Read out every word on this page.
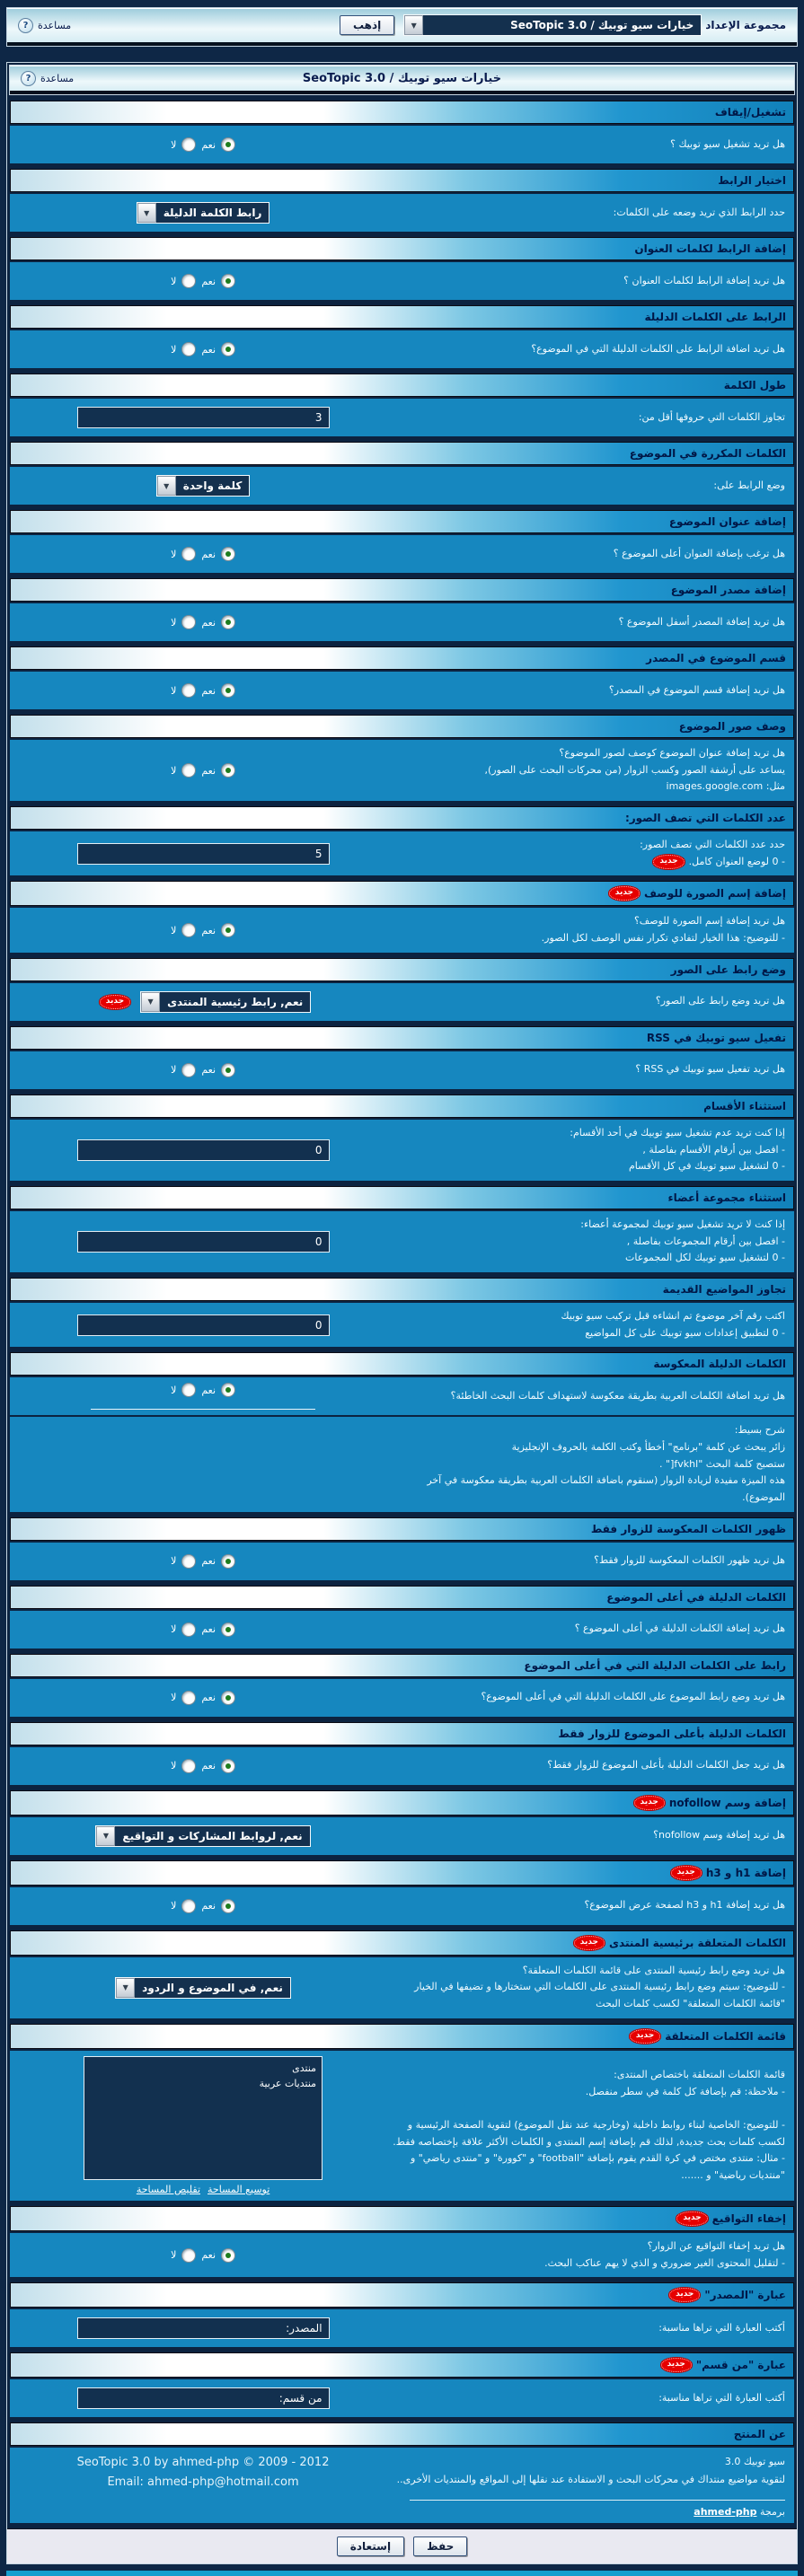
مجموعة الإعداد
خيارات سيو توبيك / SeoTopic 3.0
▼
إذهب
مساعدة
?
خيارات سيو توبيك / SeoTopic 3.0
مساعدة
?
تشغيل/إيقاف
هل تريد تشغيل سيو توبيك ؟
نعم
لا
اختيار الرابط
حدد الرابط الذي تريد وضعه على الكلمات:
رابط الكلمة الدليلة
▼
إضافة الرابط لكلمات العنوان
هل تريد إضافة الرابط لكلمات العنوان ؟
نعم
لا
الرابط على الكلمات الدليلة
هل تريد اضافة الرابط على الكلمات الدليلة التي في الموضوع؟
نعم
لا
طول الكلمة
تجاوز الكلمات التي حروفها أقل من:
3
الكلمات المكررة في الموضوع
وضع الرابط على:
كلمة واحدة
▼
إضافة عنوان الموضوع
هل ترغب بإضافة العنوان أعلى الموضوع ؟
نعم
لا
إضافة مصدر الموضوع
هل تريد إضافة المصدر أسفل الموضوع ؟
نعم
لا
قسم الموضوع في المصدر
هل تريد إضافة قسم الموضوع في المصدر؟
نعم
لا
وصف صور الموضوع
هل تريد إضافة عنوان الموضوع كوصف لصور الموضوع؟
يساعد على أرشفة الصور وكسب الزوار (من محركات البحث على الصور),
مثل: images.google.com
نعم
لا
عدد الكلمات التي تصف الصور:
حدد عدد الكلمات التي تصف الصور:
- 0 لوضع العنوان كامل.جديد
5
إضافة إسم الصورة للوصف
جديد
هل تريد إضافة إسم الصورة للوصف؟
- للتوضيح: هذا الخيار لتفادي تكرار نفس الوصف لكل الصور.
نعم
لا
وضع رابط على الصور
هل تريد وضع رابط على الصور؟
نعم, رابط رئيسية المنتدى
▼
جديد
تفعيل سيو توبيك في RSS
هل تريد تفعيل سيو توبيك في RSS ؟
نعم
لا
استثناء الأقسام
إذا كنت تريد عدم تشغيل سيو توبيك في أحد الأقسام:
- افصل بين أرقام الأقسام بفاصلة ,
- 0 لتشغيل سيو توبيك في كل الأقسام
0
استثناء مجموعة أعضاء
إذا كنت لا تريد تشغيل سيو توبيك لمجموعة أعضاء:
- افصل بين أرقام المجموعات بفاصلة ,
- 0 لتشغيل سيو توبيك لكل المجموعات
0
تجاوز المواضيع القديمة
اكتب رقم آخر موضوع تم انشاءه قبل تركيب سيو توبيك
- 0 لتطبيق إعدادات سيو توبيك على كل المواضيع
0
الكلمات الدليلة المعكوسة
هل تريد اضافة الكلمات العربية بطريقة معكوسة لاستهداف كلمات البحث الخاطئة؟
نعم
لا
شرح بسيط:
زائر يبحث عن كلمة "برنامج" أخطأ وكتب الكلمة بالحروف الإنجليزية
ستصبح كلمة البحث "fvkhl[" .
هذه الميزة مفيدة لزيادة الزوار (سنقوم باضافة الكلمات العربية بطريقة معكوسة في آخر الموضوع).
ظهور الكلمات المعكوسة للزوار فقط
هل تريد ظهور الكلمات المعكوسة للزوار فقط؟
نعم
لا
الكلمات الدليلة في أعلى الموضوع
هل تريد إضافة الكلمات الدليلة في أعلى الموضوع ؟
نعم
لا
رابط على الكلمات الدليلة التي في أعلى الموضوع
هل تريد وضع رابط الموضوع على الكلمات الدليلة التي في أعلى الموضوع؟
نعم
لا
الكلمات الدليلة بأعلى الموضوع للزوار فقط
هل تريد جعل الكلمات الدليلة بأعلى الموضوع للزوار فقط؟
نعم
لا
إضافة وسم nofollow
جديد
هل تريد إضافة وسم nofollow؟
نعم, لروابط المشاركات و التواقيع
▼
إضافة h1 و h3
جديد
هل تريد إضافة h1 و h3 لصفحة عرض الموضوع؟
نعم
لا
الكلمات المتعلقة برئيسية المنتدى
جديد
هل تريد وضع رابط رئيسية المنتدى على قائمة الكلمات المتعلقة؟
- للتوضيح: سيتم وضع رابط رئيسية المنتدى على الكلمات التي ستختارها و تضيفها في الخيار "قائمة الكلمات المتعلقة" لكسب كلمات البحث
نعم, في الموضوع و الردود
▼
قائمة الكلمات المتعلقة
جديد
قائمة الكلمات المتعلقة باختصاص المنتدى:
- ملاحظة: قم بإضافة كل كلمة في سطر منفصل.

- للتوضيح: الخاصية لبناء روابط داخلية (وخارجية عند نقل الموضوع) لتقوية الصفحة الرئيسية و لكسب كلمات بحث جديدة, لذلك قم بإضافة إسم المنتدى و الكلمات الأكثر علاقة بإختصاصه فقط.
- مثال: منتدى مختص في كرة القدم يقوم بإضافة "football" و "كوورة" و "منتدى رياضي" و "منتديات رياضية" و .......
منتدى منتديات عربية
توسيع المساحة
تقليص المساحة
إخفاء التواقيع
جديد
هل تريد إخفاء التواقيع عن الزوار؟
- لتقليل المحتوى الغير ضروري و الذي لا يهم عناكب البحث.
نعم
لا
عبارة "المصدر"
جديد
أكتب العبارة التي تراها مناسبة:
المصدر:
عبارة "من قسم"
جديد
أكتب العبارة التي تراها مناسبة:
من قسم:
عن المنتج
سيو توبيك 3.0
لتقوية مواضيع منتداك في محركات البحث و الاستفادة عند نقلها إلى المواقع والمنتديات الأخرى..
SeoTopic 3.0 by ahmed-php © 2009 - 2012
Email: ahmed-php@hotmail.com
برمجة ahmed-php
حفظ
إستعادة
